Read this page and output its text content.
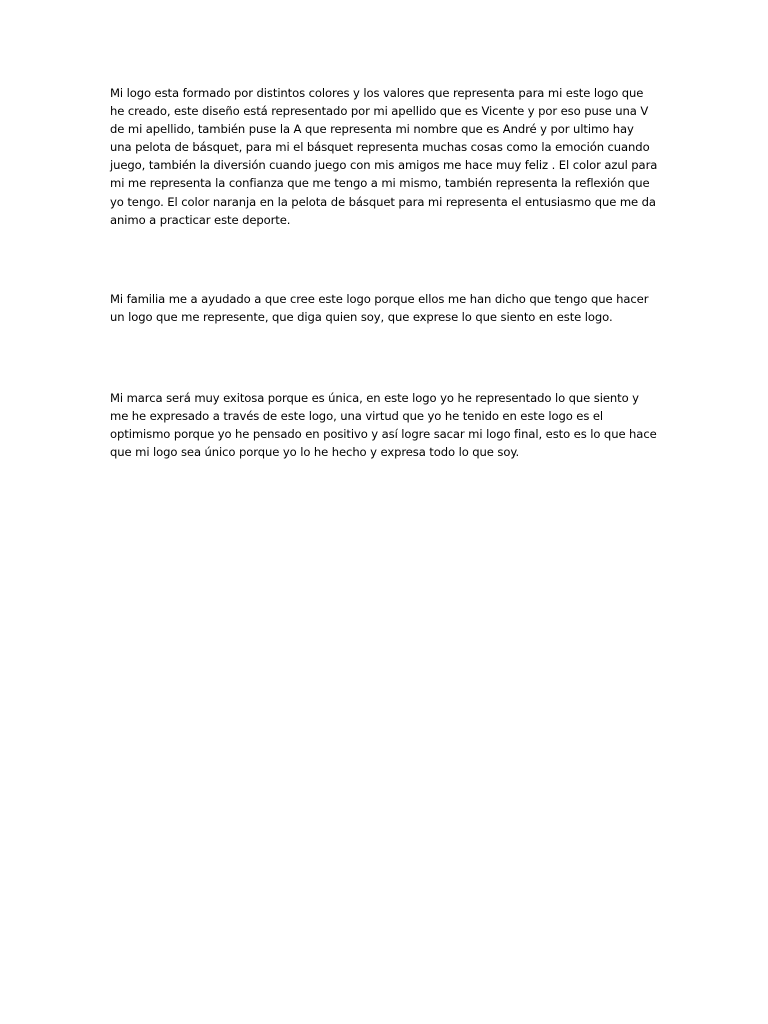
Mi logo esta formado por distintos colores y los valores que representa para mi este logo que
he creado, este diseño está representado por mi apellido que es Vicente y por eso puse una V
de mi apellido, también puse la A que representa mi nombre que es André y por ultimo hay
una pelota de básquet, para mi el básquet representa muchas cosas como la emoción cuando
juego, también la diversión cuando juego con mis amigos me hace muy feliz . El color azul para
mi me representa la confianza que me tengo a mi mismo, también representa la reflexión que
yo tengo. El color naranja en la pelota de básquet para mi representa el entusiasmo que me da
animo a practicar este deporte.

Mi familia me a ayudado a que cree este logo porque ellos me han dicho que tengo que hacer
un logo que me represente, que diga quien soy, que exprese lo que siento en este logo.

Mi marca será muy exitosa porque es única, en este logo yo he representado lo que siento y
me he expresado a través de este logo, una virtud que yo he tenido en este logo es el
optimismo porque yo he pensado en positivo y así logre sacar mi logo final, esto es lo que hace
que mi logo sea único porque yo lo he hecho y expresa todo lo que soy.
